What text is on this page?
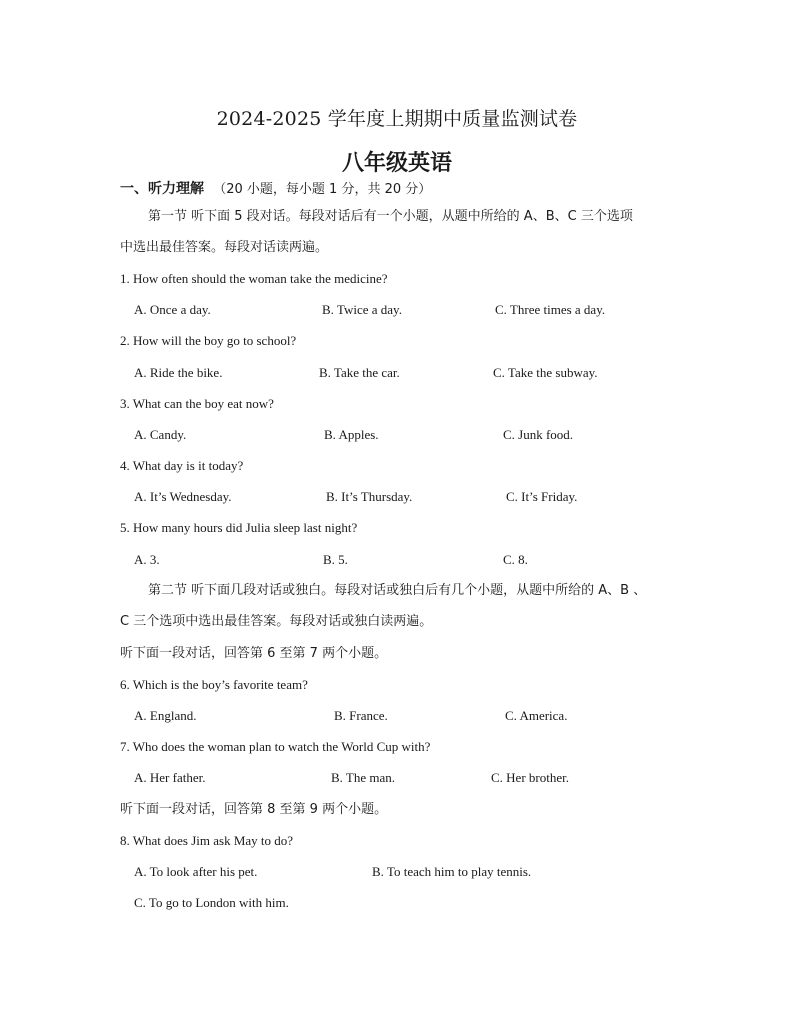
2024-2025 学年度上期期中质量监测试卷
八年级英语
一、听力理解 （20 小题，每小题 1 分，共 20 分）
第一节 听下面 5 段对话。每段对话后有一个小题，从题中所给的 A、B、C 三个选项
中选出最佳答案。每段对话读两遍。
1. How often should the woman take the medicine?
A. Once a day.	B. Twice a day.	C. Three times a day.
2. How will the boy go to school?
A. Ride the bike.	B. Take the car.	C. Take the subway.
3. What can the boy eat now?
A. Candy.	B. Apples.	C. Junk food.
4. What day is it today?
A. It’s Wednesday.	B. It’s Thursday.	C. It’s Friday.
5. How many hours did Julia sleep last night?
A. 3.	B. 5.	C. 8.
第二节 听下面几段对话或独白。每段对话或独白后有几个小题，从题中所给的 A、B 、
C 三个选项中选出最佳答案。每段对话或独白读两遍。
听下面一段对话，回答第 6 至第 7 两个小题。
6. Which is the boy’s favorite team?
A. England.	B. France.	C. America.
7. Who does the woman plan to watch the World Cup with?
A. Her father.	B. The man.	C. Her brother.
听下面一段对话，回答第 8 至第 9 两个小题。
8. What does Jim ask May to do?
A. To look after his pet.	B. To teach him to play tennis.
C. To go to London with him.
